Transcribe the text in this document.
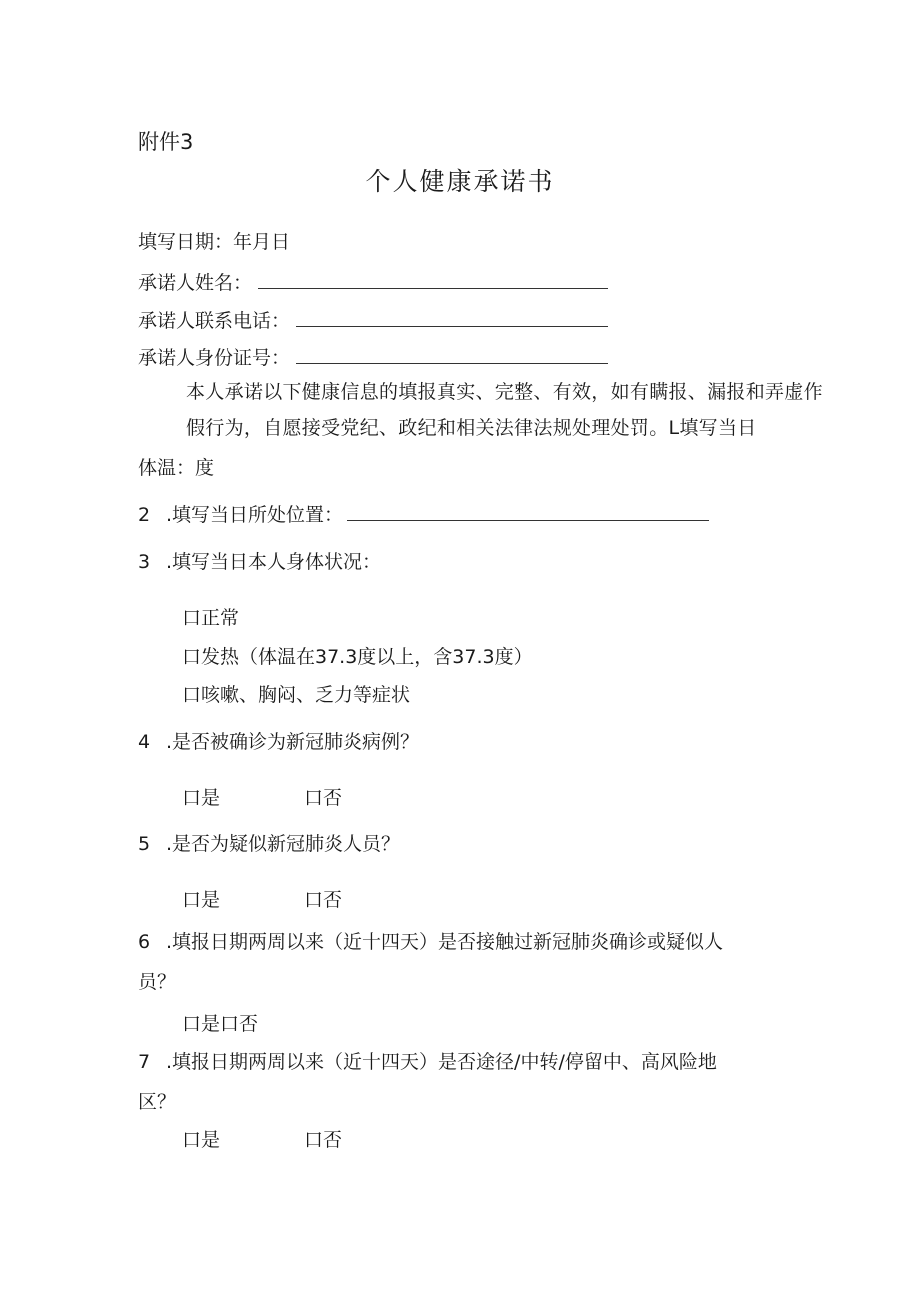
附件3
个人健康承诺书
填写日期：年月日
承诺人姓名：
承诺人联系电话：
承诺人身份证号：
本人承诺以下健康信息的填报真实、完整、有效，如有瞒报、漏报和弄虚作假行为，自愿接受党纪、政纪和相关法律法规处理处罚。L填写当日
体温：度
2 .填写当日所处位置：
3 .填写当日本人身体状况：
口正常
口发热（体温在37.3度以上，含37.3度）
口咳嗽、胸闷、乏力等症状
4 .是否被确诊为新冠肺炎病例？
口是	口否
5 .是否为疑似新冠肺炎人员？
口是	口否
6 .填报日期两周以来（近十四天）是否接触过新冠肺炎确诊或疑似人
员？
口是口否
7 .填报日期两周以来（近十四天）是否途径/中转/停留中、高风险地
区？
口是	口否
